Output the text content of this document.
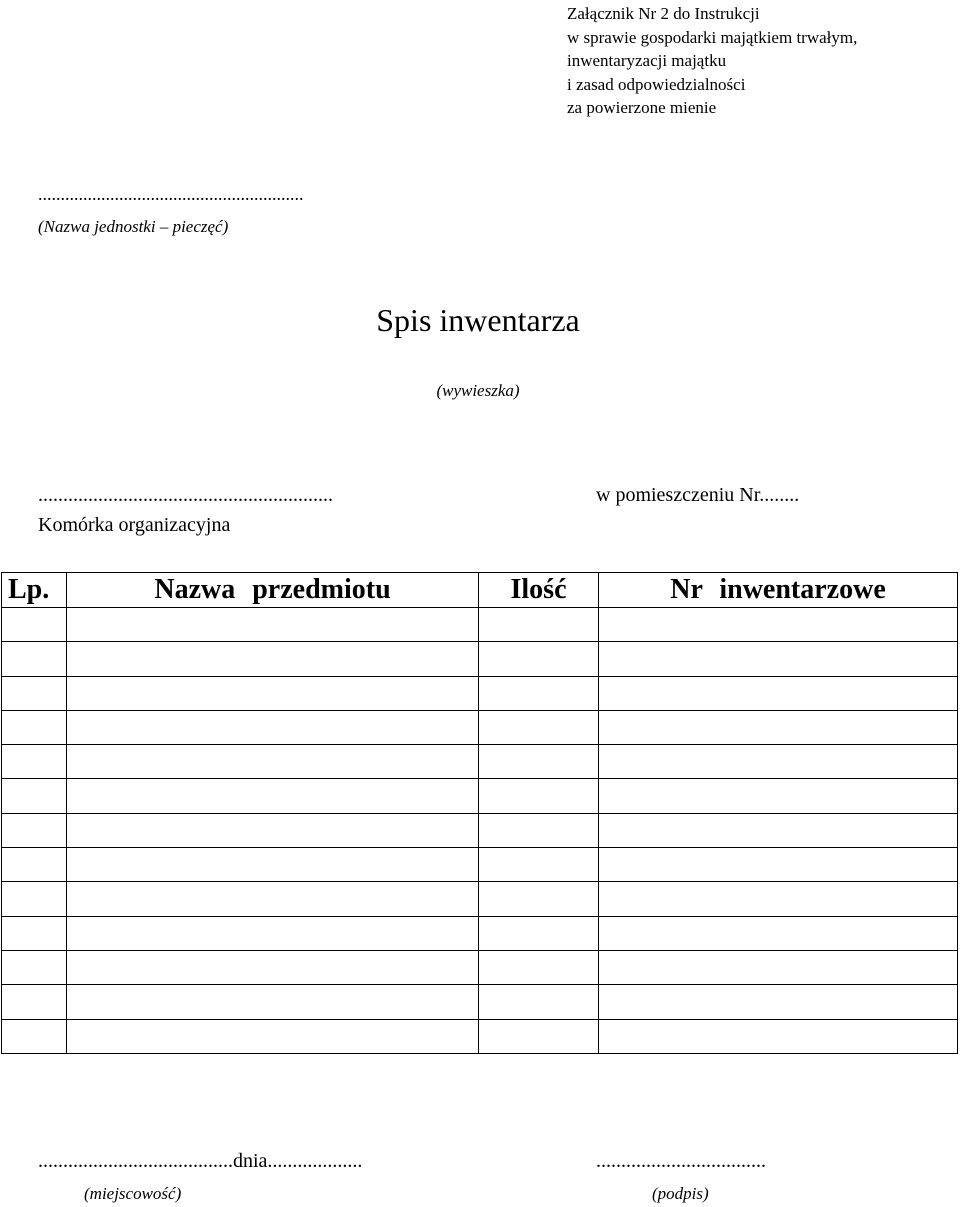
Załącznik Nr 2 do Instrukcji
w sprawie gospodarki majątkiem trwałym,
inwentaryzacji majątku
i zasad odpowiedzialności
za powierzone mienie
...........................................................
(Nazwa jednostki – pieczęć)
Spis inwentarza
(wywieszka)
...........................................................
Komórka organizacyjna
w pomieszczeniu Nr........
Lp.	Nazwa przedmiotu	Ilość	Nr inwentarzowe

.......................................dnia...................
(miejscowość)
..................................
(podpis)
